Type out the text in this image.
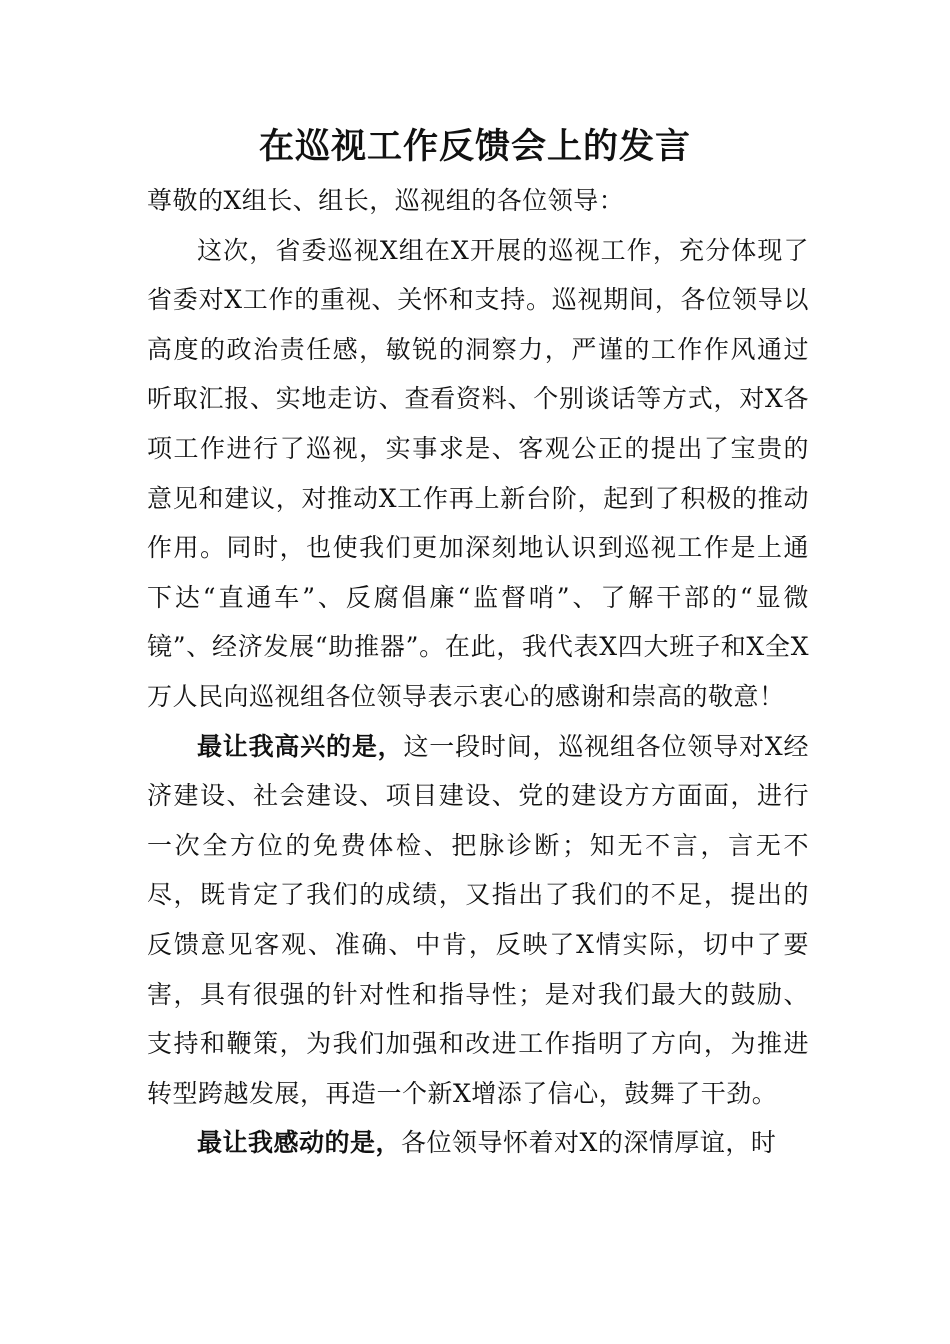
在巡视工作反馈会上的发言

尊敬的X组长、组长，巡视组的各位领导：

这次，省委巡视X组在X开展的巡视工作，充分体现了省委对X工作的重视、关怀和支持。巡视期间，各位领导以高度的政治责任感，敏锐的洞察力，严谨的工作作风通过听取汇报、实地走访、查看资料、个别谈话等方式，对X各项工作进行了巡视，实事求是、客观公正的提出了宝贵的意见和建议，对推动X工作再上新台阶，起到了积极的推动作用。同时，也使我们更加深刻地认识到巡视工作是上通下达“直通车”、反腐倡廉“监督哨”、了解干部的“显微镜”、经济发展“助推器”。在此，我代表X四大班子和X全X万人民向巡视组各位领导表示衷心的感谢和崇高的敬意！

最让我高兴的是，这一段时间，巡视组各位领导对X经济建设、社会建设、项目建设、党的建设方方面面，进行一次全方位的免费体检、把脉诊断；知无不言，言无不尽，既肯定了我们的成绩，又指出了我们的不足，提出的反馈意见客观、准确、中肯，反映了X情实际，切中了要害，具有很强的针对性和指导性；是对我们最大的鼓励、支持和鞭策，为我们加强和改进工作指明了方向，为推进转型跨越发展，再造一个新X增添了信心，鼓舞了干劲。

最让我感动的是，各位领导怀着对X的深情厚谊，时
